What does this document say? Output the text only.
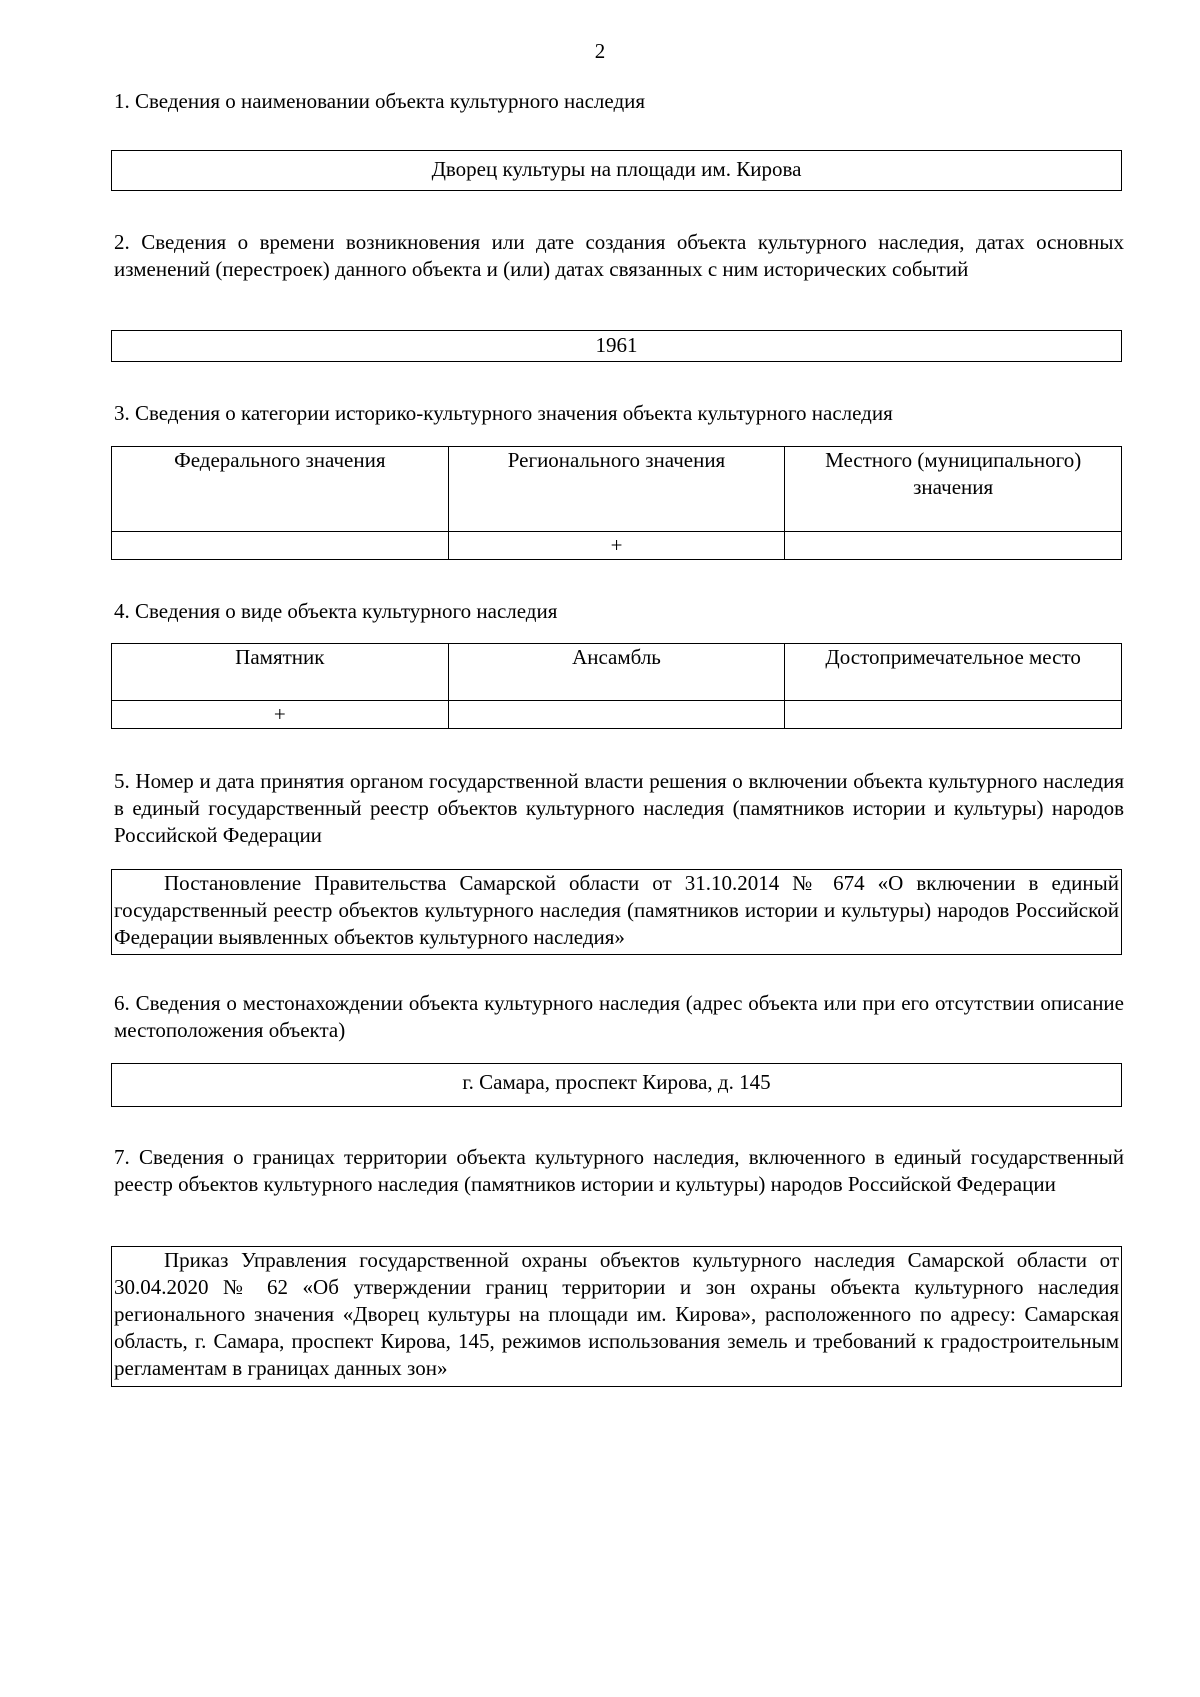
2
1. Сведения о наименовании объекта культурного наследия
Дворец культуры на площади им. Кирова
2. Сведения о времени возникновения или дате создания объекта культурного наследия, датах основных изменений (перестроек) данного объекта и (или) датах связанных с ним исторических событий
1961
3. Сведения о категории историко-культурного значения объекта культурного наследия
Федерального значения	Регионального значения	Местного (муниципального) значения
	+	
4. Сведения о виде объекта культурного наследия
Памятник	Ансамбль	Достопримечательное место
+		
5. Номер и дата принятия органом государственной власти решения о включении объекта культурного наследия в единый государственный реестр объектов культурного наследия (памятников истории и культуры) народов Российской Федерации
Постановление Правительства Самарской области от 31.10.2014 № 674 «О включении в единый государственный реестр объектов культурного наследия (памятников истории и культуры) народов Российской Федерации выявленных объектов культурного наследия»
6. Сведения о местонахождении объекта культурного наследия (адрес объекта или при его отсутствии описание местоположения объекта)
г. Самара, проспект Кирова, д. 145
7. Сведения о границах территории объекта культурного наследия, включенного в единый государственный реестр объектов культурного наследия (памятников истории и культуры) народов Российской Федерации
Приказ Управления государственной охраны объектов культурного наследия Самарской области от 30.04.2020 № 62 «Об утверждении границ территории и зон охраны объекта культурного наследия регионального значения «Дворец культуры на площади им. Кирова», расположенного по адресу: Самарская область, г. Самара, проспект Кирова, 145, режимов использования земель и требований к градостроительным регламентам в границах данных зон»
